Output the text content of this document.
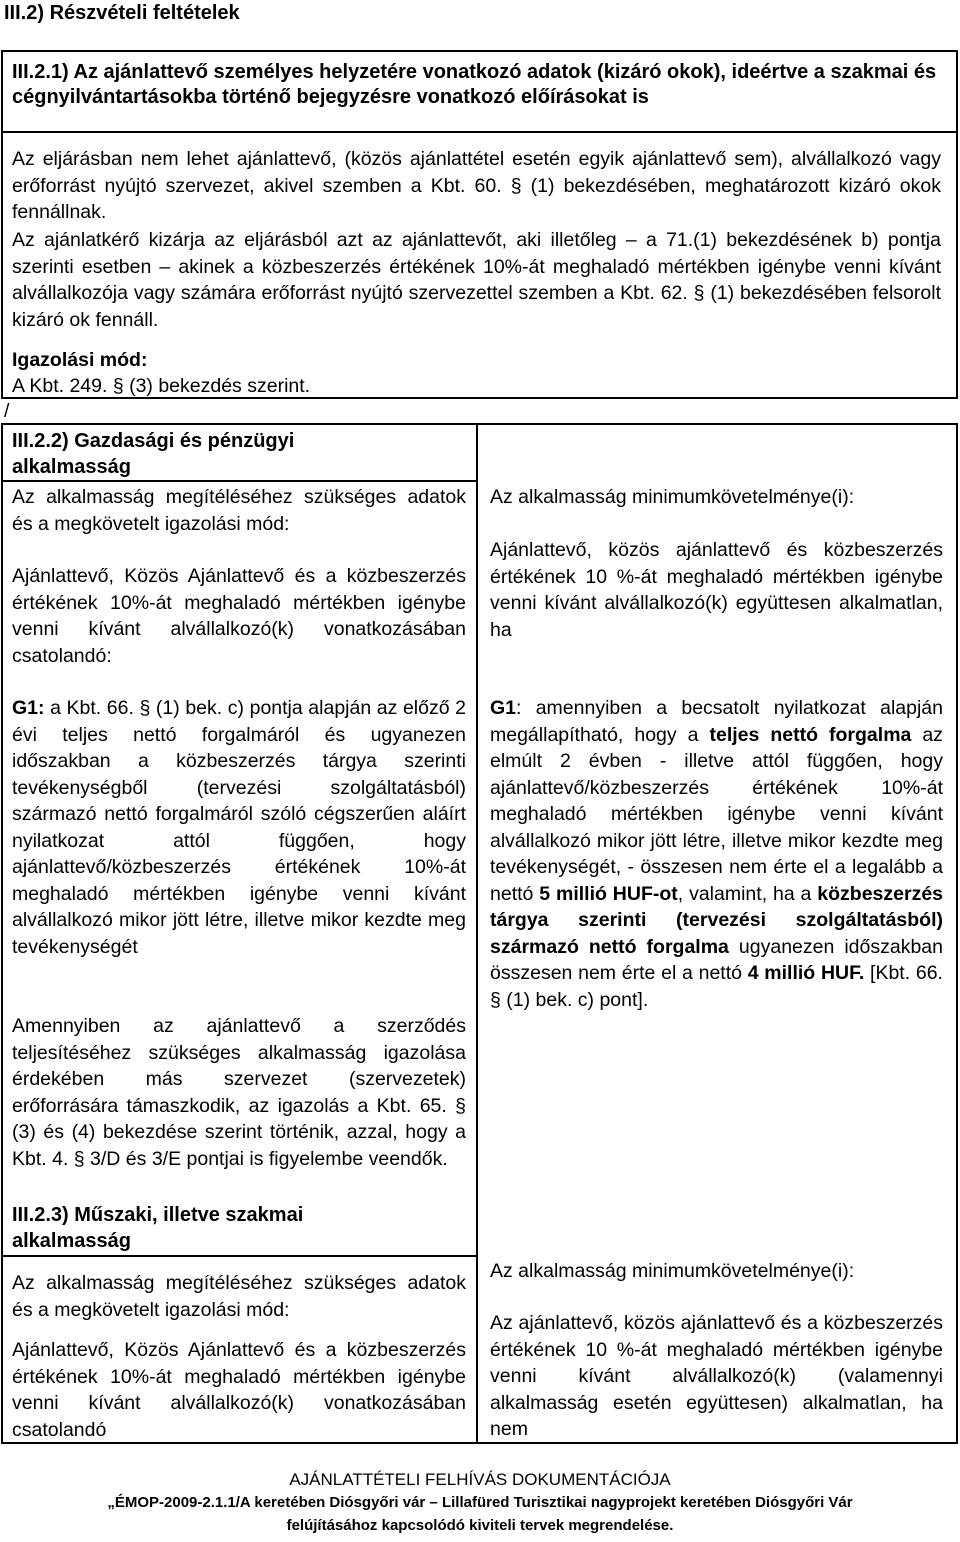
III.2) Részvételi feltételek
III.2.1) Az ajánlattevő személyes helyzetére vonatkozó adatok (kizáró okok), ideértve a szakmai és cégnyilvántartásokba történő bejegyzésre vonatkozó előírásokat is
Az eljárásban nem lehet ajánlattevő, (közös ajánlattétel esetén egyik ajánlattevő sem), alvállalkozó vagy erőforrást nyújtó szervezet, akivel szemben a Kbt. 60. § (1) bekezdésében, meghatározott kizáró okok fennállnak.
Az ajánlatkérő kizárja az eljárásból azt az ajánlattevőt, aki illetőleg – a 71.(1) bekezdésének b) pontja szerinti esetben – akinek a közbeszerzés értékének 10%-át meghaladó mértékben igénybe venni kívánt alvállalkozója vagy számára erőforrást nyújtó szervezettel szemben a Kbt. 62. § (1) bekezdésében felsorolt kizáró ok fennáll.
Igazolási mód:
A Kbt. 249. § (3) bekezdés szerint.
/
III.2.2) Gazdasági és pénzügyi alkalmasság
Az alkalmasság megítéléséhez szükséges adatok és a megkövetelt igazolási mód:
Ajánlattevő, Közös Ajánlattevő és a közbeszerzés értékének 10%-át meghaladó mértékben igénybe venni kívánt alvállalkozó(k) vonatkozásában csatolandó:
G1: a Kbt. 66. § (1) bek. c) pontja alapján az előző 2 évi teljes nettó forgalmáról és ugyanezen időszakban a közbeszerzés tárgya szerinti tevékenységből (tervezési szolgáltatásból) származó nettó forgalmáról szóló cégszerűen aláírt nyilatkozat attól függően, hogy ajánlattevő/közbeszerzés értékének 10%-át meghaladó mértékben igénybe venni kívánt alvállalkozó mikor jött létre, illetve mikor kezdte meg tevékenységét
Amennyiben az ajánlattevő a szerződés teljesítéséhez szükséges alkalmasság igazolása érdekében más szervezet (szervezetek) erőforrására támaszkodik, az igazolás a Kbt. 65. § (3) és (4) bekezdése szerint történik, azzal, hogy a Kbt. 4. § 3/D és 3/E pontjai is figyelembe veendők.
Az alkalmasság minimumkövetelménye(i):
Ajánlattevő, közös ajánlattevő és közbeszerzés értékének 10 %-át meghaladó mértékben igénybe venni kívánt alvállalkozó(k) együttesen alkalmatlan, ha
G1: amennyiben a becsatolt nyilatkozat alapján megállapítható, hogy a teljes nettó forgalma az elmúlt 2 évben - illetve attól függően, hogy ajánlattevő/közbeszerzés értékének 10%-át meghaladó mértékben igénybe venni kívánt alvállalkozó mikor jött létre, illetve mikor kezdte meg tevékenységét, - összesen nem érte el a legalább a nettó 5 millió HUF-ot, valamint, ha a közbeszerzés tárgya szerinti (tervezési szolgáltatásból) származó nettó forgalma ugyanezen időszakban összesen nem érte el a nettó 4 millió HUF. [Kbt. 66. § (1) bek. c) pont].
III.2.3) Műszaki, illetve szakmai alkalmasság
Az alkalmasság megítéléséhez szükséges adatok és a megkövetelt igazolási mód:
Ajánlattevő, Közös Ajánlattevő és a közbeszerzés értékének 10%-át meghaladó mértékben igénybe venni kívánt alvállalkozó(k) vonatkozásában csatolandó
Az alkalmasság minimumkövetelménye(i):
Az ajánlattevő, közös ajánlattevő és a közbeszerzés értékének 10 %-át meghaladó mértékben igénybe venni kívánt alvállalkozó(k) (valamennyi alkalmasság esetén együttesen) alkalmatlan, ha nem
AJÁNLATTÉTELI FELHÍVÁS DOKUMENTÁCIÓJA
„ÉMOP-2009-2.1.1/A keretében Diósgyőri vár – Lillafüred Turisztikai nagyprojekt keretében Diósgyőri Vár
felújításához kapcsolódó kiviteli tervek megrendelése.
